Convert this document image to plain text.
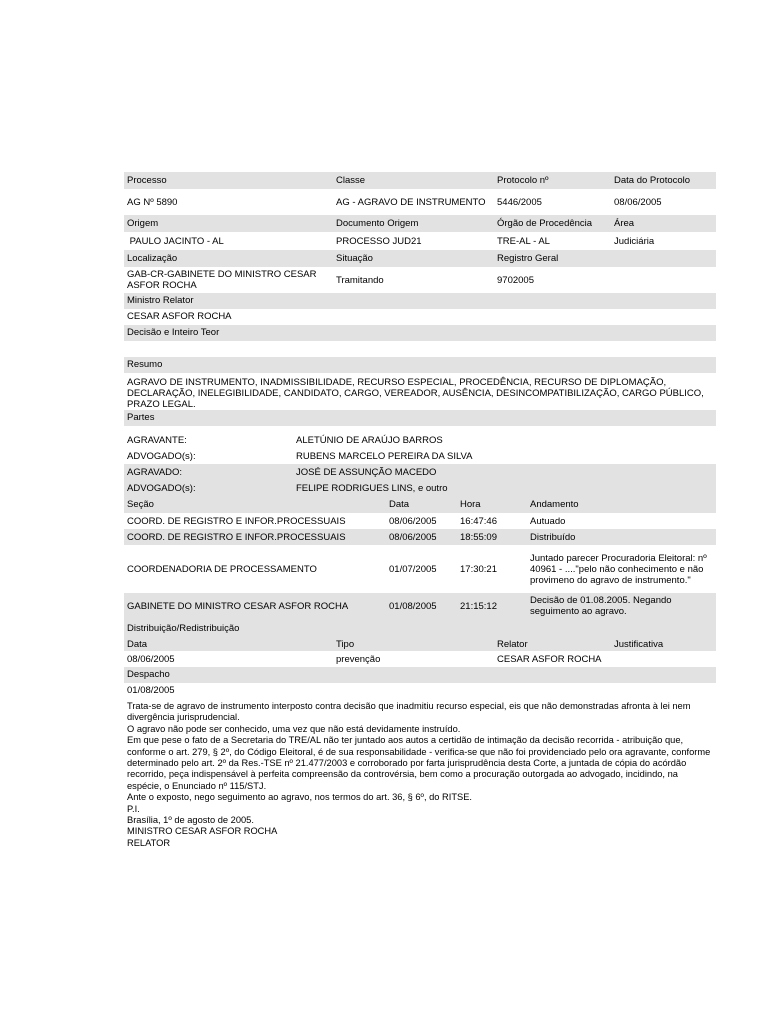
Processo	Classe	Protocolo nº	Data do Protocolo
AG Nº 5890	AG - AGRAVO DE INSTRUMENTO	5446/2005	08/06/2005
Origem	Documento Origem	Órgão de Procedência	Área
PAULO JACINTO - AL	PROCESSO JUD21	TRE-AL - AL	Judiciária
Localização	Situação	Registro Geral	
GAB-CR-GABINETE DO MINISTRO CESAR ASFOR ROCHA	Tramitando	9702005	
Ministro Relator
CESAR ASFOR ROCHA
Decisão e Inteiro Teor
Resumo
AGRAVO DE INSTRUMENTO, INADMISSIBILIDADE, RECURSO ESPECIAL, PROCEDÊNCIA, RECURSO DE DIPLOMAÇÃO, DECLARAÇÃO, INELEGIBILIDADE, CANDIDATO, CARGO, VEREADOR, AUSÊNCIA, DESINCOMPATIBILIZAÇÃO, CARGO PÚBLICO, PRAZO LEGAL.
Partes
AGRAVANTE:	ALETÚNIO DE ARAÚJO BARROS
ADVOGADO(s):	RUBENS MARCELO PEREIRA DA SILVA
AGRAVADO:	JOSÉ DE ASSUNÇÃO MACEDO
ADVOGADO(s):	FELIPE RODRIGUES LINS, e outro
Seção	Data	Hora	Andamento
COORD. DE REGISTRO E INFOR.PROCESSUAIS	08/06/2005	16:47:46	Autuado
COORD. DE REGISTRO E INFOR.PROCESSUAIS	08/06/2005	18:55:09	Distribuído
COORDENADORIA DE PROCESSAMENTO	01/07/2005	17:30:21	Juntado parecer Procuradoria Eleitoral: nº 40961 - ...."pelo não conhecimento e não provimeno do agravo de instrumento."
GABINETE DO MINISTRO CESAR ASFOR ROCHA	01/08/2005	21:15:12	Decisão de 01.08.2005. Negando seguimento ao agravo.
Distribuição/Redistribuição
Data	Tipo	Relator	Justificativa
08/06/2005	prevenção	CESAR ASFOR ROCHA	
Despacho
01/08/2005

Trata-se de agravo de instrumento interposto contra decisão que inadmitiu recurso especial, eis que não demonstradas afronta à lei nem divergência jurisprudencial.

O agravo não pode ser conhecido, uma vez que não está devidamente instruído.

Em que pese o fato de a Secretaria do TRE/AL não ter juntado aos autos a certidão de intimação da decisão recorrida - atribuição que, conforme o art. 279, § 2º, do Código Eleitoral, é de sua responsabilidade - verifica-se que não foi providenciado pelo ora agravante, conforme determinado pelo art. 2º da Res.-TSE nº 21.477/2003 e corroborado por farta jurisprudência desta Corte, a juntada de cópia do acórdão recorrido, peça indispensável à perfeita compreensão da controvérsia, bem como a procuração outorgada ao advogado, incidindo, na espécie, o Enunciado nº 115/STJ.

Ante o exposto, nego seguimento ao agravo, nos termos do art. 36, § 6º, do RITSE.

P.I.

Brasília, 1º de agosto de 2005.

MINISTRO CESAR ASFOR ROCHA

RELATOR
